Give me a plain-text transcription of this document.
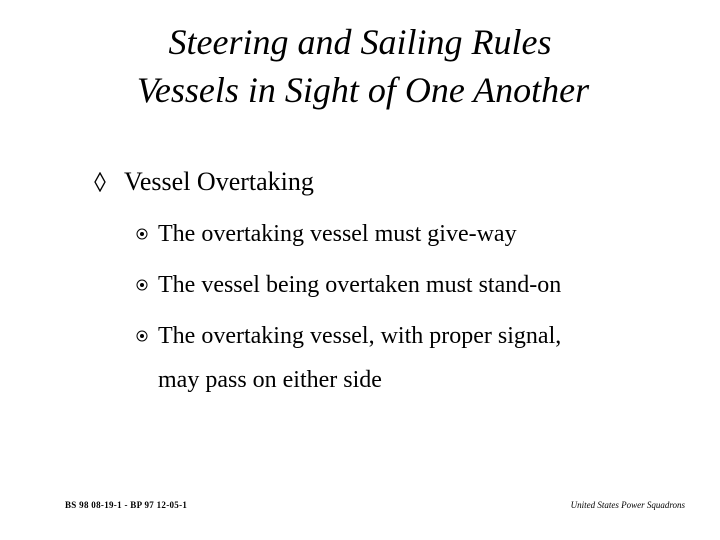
Steering and Sailing Rules
Vessels in Sight of One Another
Vessel Overtaking
The overtaking vessel must give-way
The vessel being overtaken must stand-on
The overtaking vessel, with proper signal,
may pass on either side
BS 98 08-19-1 - BP 97 12-05-1	United States Power Squadrons
